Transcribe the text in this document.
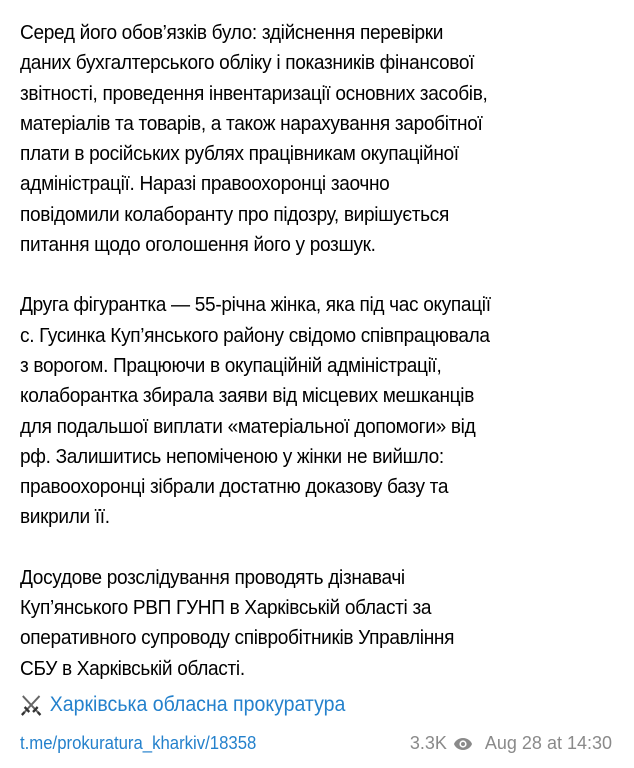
Серед його обов’язків було: здійснення перевірки
даних бухгалтерського обліку і показників фінансової
звітності, проведення інвентаризації основних засобів,
матеріалів та товарів, а також нарахування заробітної
плати в російських рублях працівникам окупаційної
адміністрації. Наразі правоохоронці заочно
повідомили колаборанту про підозру, вирішується
питання щодо оголошення його у розшук.
Друга фігурантка — 55-річна жінка, яка під час окупації
с. Гусинка Куп’янського району свідомо співпрацювала
з ворогом. Працюючи в окупаційній адміністрації,
колаборантка збирала заяви від місцевих мешканців
для подальшої виплати «матеріальної допомоги» від
рф. Залишитись непоміченою у жінки не вийшло:
правоохоронці зібрали достатню доказову базу та
викрили її.
Досудове розслідування проводять дізнавачі
Куп’янського РВП ГУНП в Харківській області за
оперативного супроводу співробітників Управління
СБУ в Харківській області.
Харківська обласна прокуратура
t.me/prokuratura_kharkiv/18358	3.3K Aug 28 at 14:30
